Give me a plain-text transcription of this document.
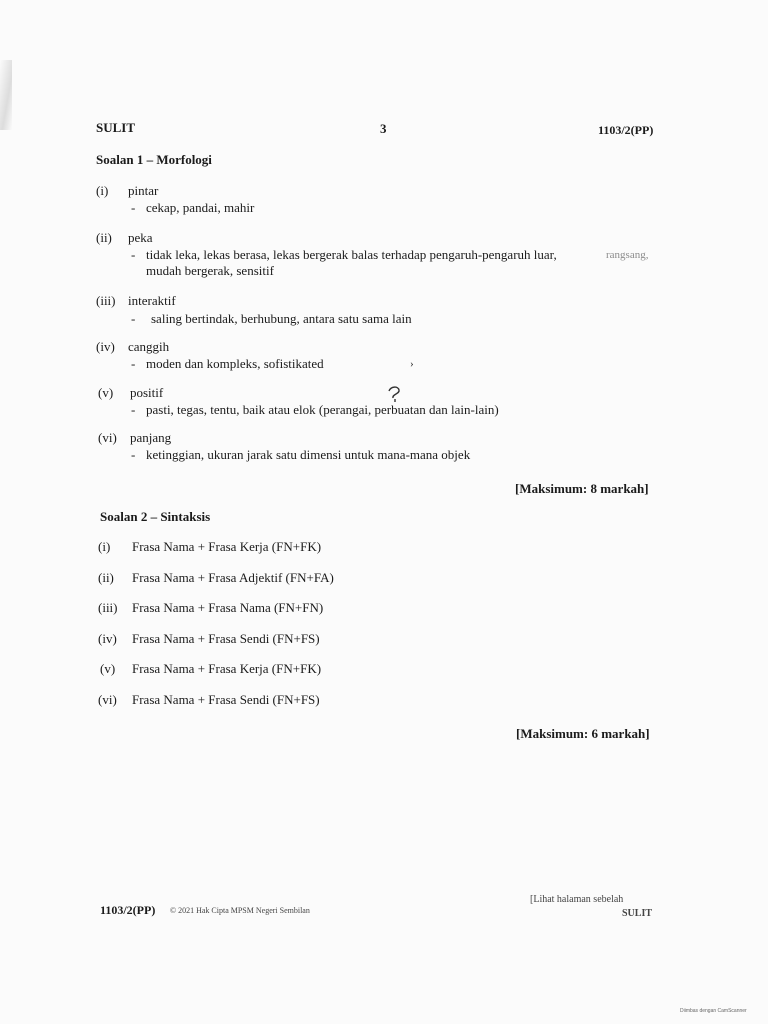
SULIT	3	1103/2(PP)
Soalan 1 – Morfologi
(i) pintar
- cekap, pandai, mahir
(ii) peka
- tidak leka, lekas berasa, lekas bergerak balas terhadap pengaruh-pengaruh luar,	rangsang,
mudah bergerak, sensitif
(iii) interaktif
- saling bertindak, berhubung, antara satu sama lain
(iv) canggih
- moden dan kompleks, sofistikated	›
(v) positif
- pasti, tegas, tentu, baik atau elok (perangai, perbuatan dan lain-lain)
(vi) panjang
- ketinggian, ukuran jarak satu dimensi untuk mana-mana objek
[Maksimum: 8 markah]
Soalan 2 – Sintaksis
(i) Frasa Nama + Frasa Kerja (FN+FK)
(ii) Frasa Nama + Frasa Adjektif (FN+FA)
(iii) Frasa Nama + Frasa Nama (FN+FN)
(iv) Frasa Nama + Frasa Sendi (FN+FS)
(v) Frasa Nama + Frasa Kerja (FN+FK)
(vi) Frasa Nama + Frasa Sendi (FN+FS)
[Maksimum: 6 markah]
1103/2(PP) © 2021 Hak Cipta MPSM Negeri Sembilan
[Lihat halaman sebelah
SULIT
Diimbas dengan CamScanner
